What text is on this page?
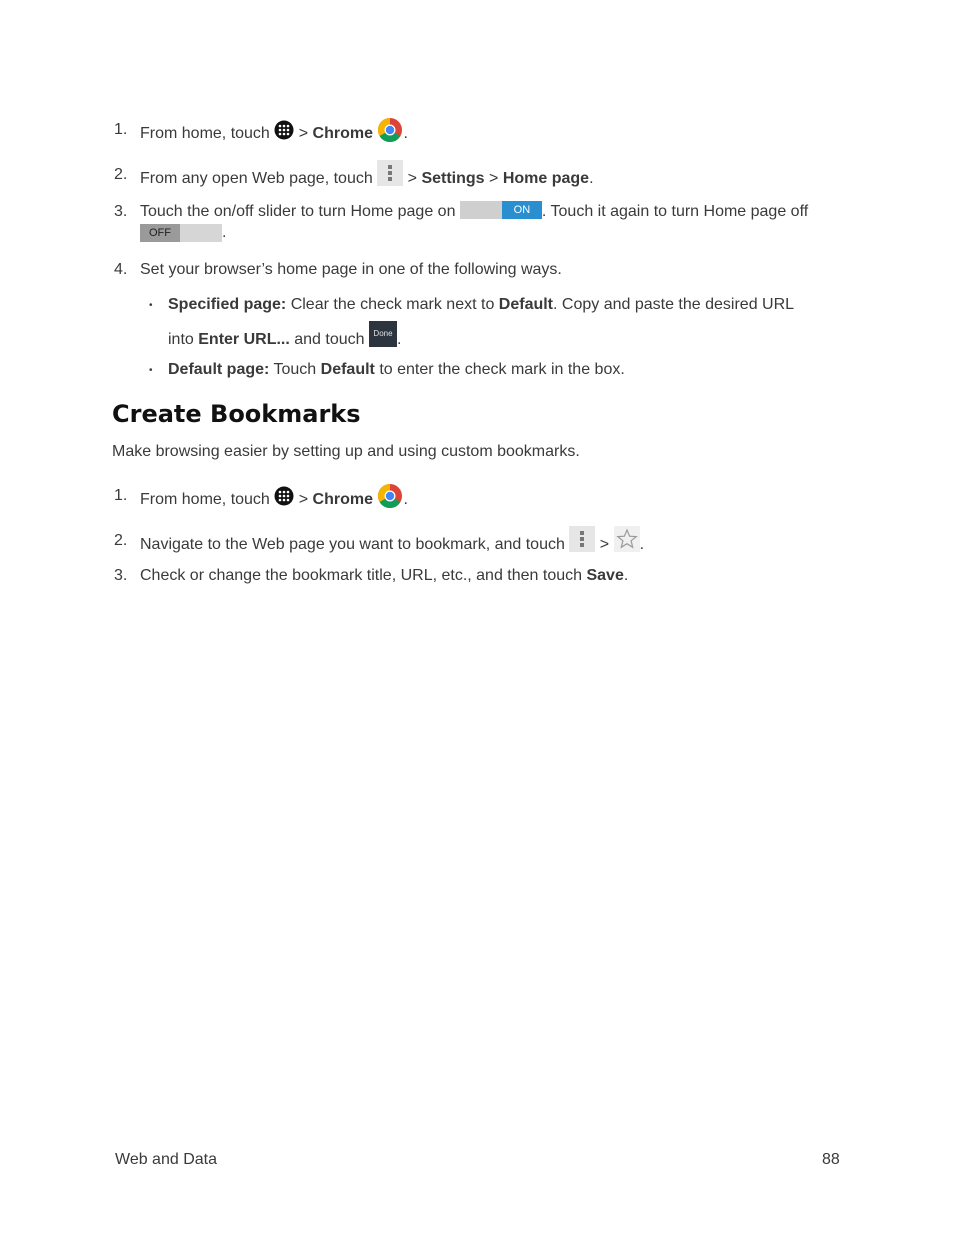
1. From home, touch > Chrome .
2. From any open Web page, touch > Settings > Home page.
3. Touch the on/off slider to turn Home page on	ON . Touch it again to turn Home page off
OFF	.
4. Set your browser’s home page in one of the following ways.
• Specified page: Clear the check mark next to Default. Copy and paste the desired URL
into Enter URL... and touch Done .
• Default page: Touch Default to enter the check mark in the box.
Create Bookmarks
Make browsing easier by setting up and using custom bookmarks.
1. From home, touch > Chrome .
2. Navigate to the Web page you want to bookmark, and touch > .
3. Check or change the bookmark title, URL, etc., and then touch Save.
Web and Data	88
